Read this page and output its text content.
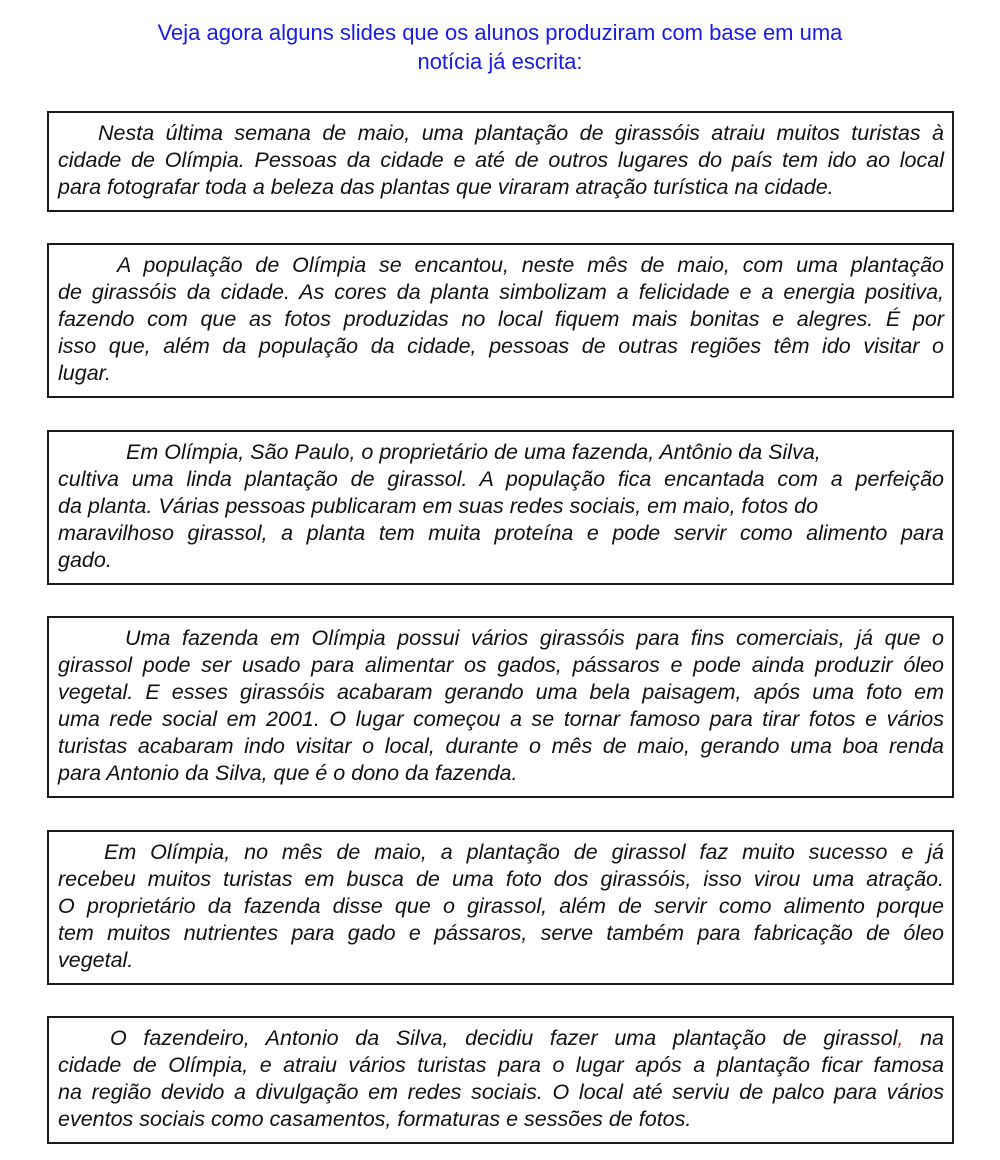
Veja agora alguns slides que os alunos produziram com base em uma
notícia já escrita:

Nesta última semana de maio, uma plantação de girassóis atraiu muitos turistas à
cidade de Olímpia. Pessoas da cidade e até de outros lugares do país tem ido ao local
para fotografar toda a beleza das plantas que viraram atração turística na cidade.

A população de Olímpia se encantou, neste mês de maio, com uma plantação
de girassóis da cidade. As cores da planta simbolizam a felicidade e a energia positiva,
fazendo com que as fotos produzidas no local fiquem mais bonitas e alegres. É por
isso que, além da população da cidade, pessoas de outras regiões têm ido visitar o
lugar.

Em Olímpia, São Paulo, o proprietário de uma fazenda, Antônio da Silva,
cultiva uma linda plantação de girassol. A população fica encantada com a perfeição
da planta. Várias pessoas publicaram em suas redes sociais, em maio, fotos do
maravilhoso girassol, a planta tem muita proteína e pode servir como alimento para
gado.

Uma fazenda em Olímpia possui vários girassóis para fins comerciais, já que o
girassol pode ser usado para alimentar os gados, pássaros e pode ainda produzir óleo
vegetal. E esses girassóis acabaram gerando uma bela paisagem, após uma foto em
uma rede social em 2001. O lugar começou a se tornar famoso para tirar fotos e vários
turistas acabaram indo visitar o local, durante o mês de maio, gerando uma boa renda
para Antonio da Silva, que é o dono da fazenda.

Em Olímpia, no mês de maio, a plantação de girassol faz muito sucesso e já
recebeu muitos turistas em busca de uma foto dos girassóis, isso virou uma atração.
O proprietário da fazenda disse que o girassol, além de servir como alimento porque
tem muitos nutrientes para gado e pássaros, serve também para fabricação de óleo
vegetal.

O fazendeiro, Antonio da Silva, decidiu fazer uma plantação de girassol, na
cidade de Olímpia, e atraiu vários turistas para o lugar após a plantação ficar famosa
na região devido a divulgação em redes sociais. O local até serviu de palco para vários
eventos sociais como casamentos, formaturas e sessões de fotos.
